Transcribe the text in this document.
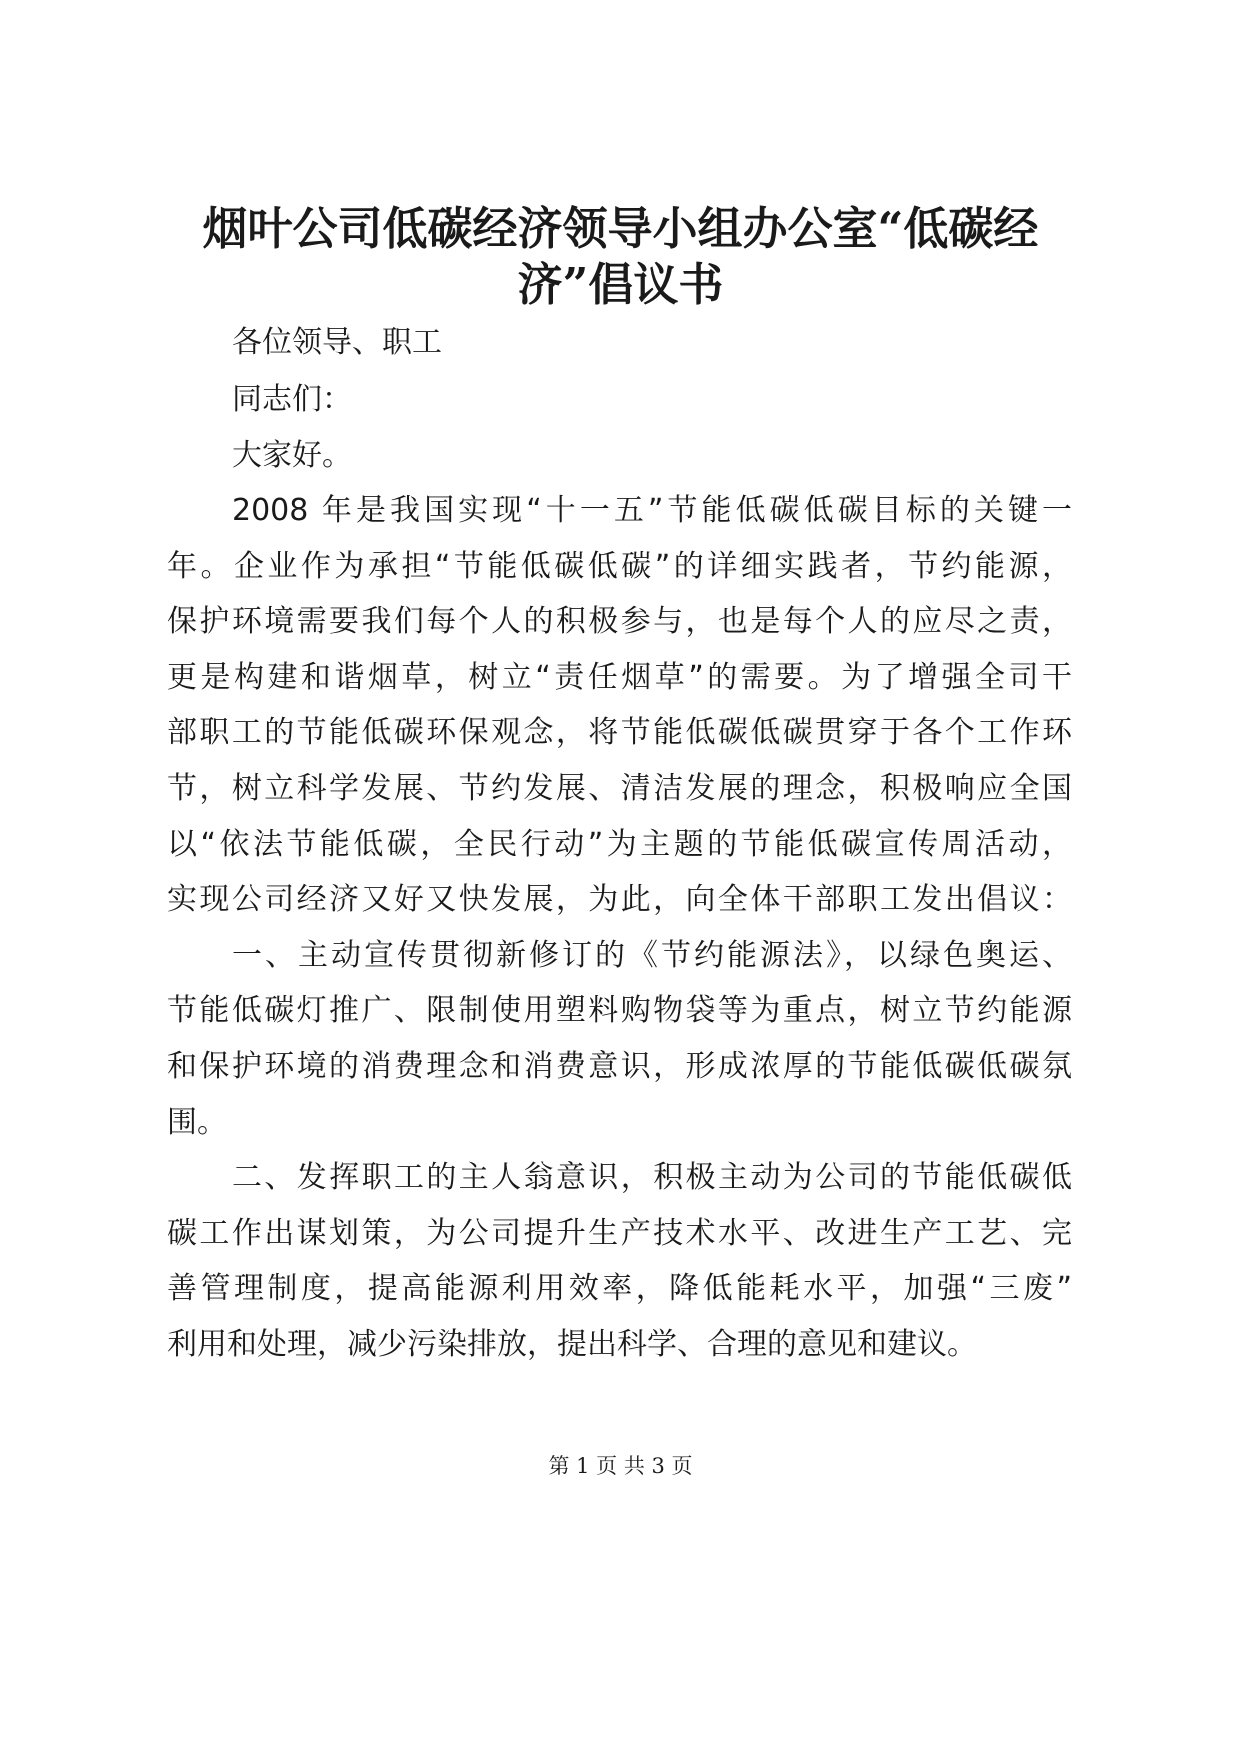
烟叶公司低碳经济领导小组办公室“低碳经
济”倡议书
各位领导、职工
同志们：
大家好。
2008 年是我国实现“十一五”节能低碳低碳目标的关键一
年。企业作为承担“节能低碳低碳”的详细实践者，节约能源，
保护环境需要我们每个人的积极参与，也是每个人的应尽之责，
更是构建和谐烟草，树立“责任烟草”的需要。为了增强全司干
部职工的节能低碳环保观念，将节能低碳低碳贯穿于各个工作环
节，树立科学发展、节约发展、清洁发展的理念，积极响应全国
以“依法节能低碳，全民行动”为主题的节能低碳宣传周活动，
实现公司经济又好又快发展，为此，向全体干部职工发出倡议：
一、主动宣传贯彻新修订的《节约能源法》，以绿色奥运、
节能低碳灯推广、限制使用塑料购物袋等为重点，树立节约能源
和保护环境的消费理念和消费意识，形成浓厚的节能低碳低碳氛
围。
二、发挥职工的主人翁意识，积极主动为公司的节能低碳低
碳工作出谋划策，为公司提升生产技术水平、改进生产工艺、完
善管理制度，提高能源利用效率，降低能耗水平，加强“三废”
利用和处理，减少污染排放，提出科学、合理的意见和建议。
第 1 页 共 3 页
